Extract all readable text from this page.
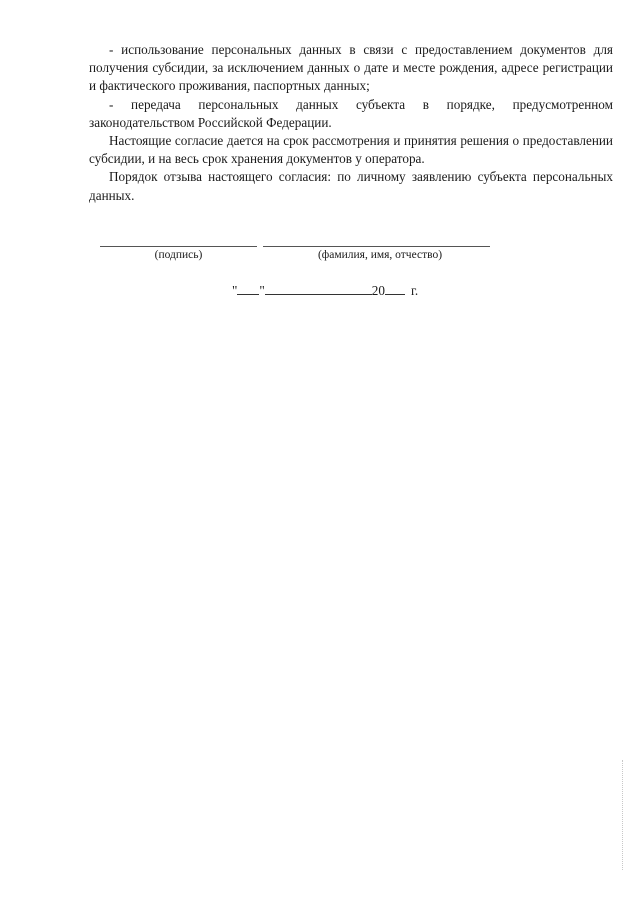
- использование персональных данных в связи с предоставлением документов для получения субсидии, за исключением данных о дате и месте рождения, адресе регистрации и фактического проживания, паспортных данных;

- передача персональных данных субъекта в порядке, предусмотренном законодательством Российской Федерации.

Настоящие согласие дается на срок рассмотрения и принятия решения о предоставлении субсидии, и на весь срок хранения документов у оператора.

Порядок отзыва настоящего согласия: по личному заявлению субъекта персональных данных.

(подпись)	(фамилия, имя, отчество)
" "	20 г.
